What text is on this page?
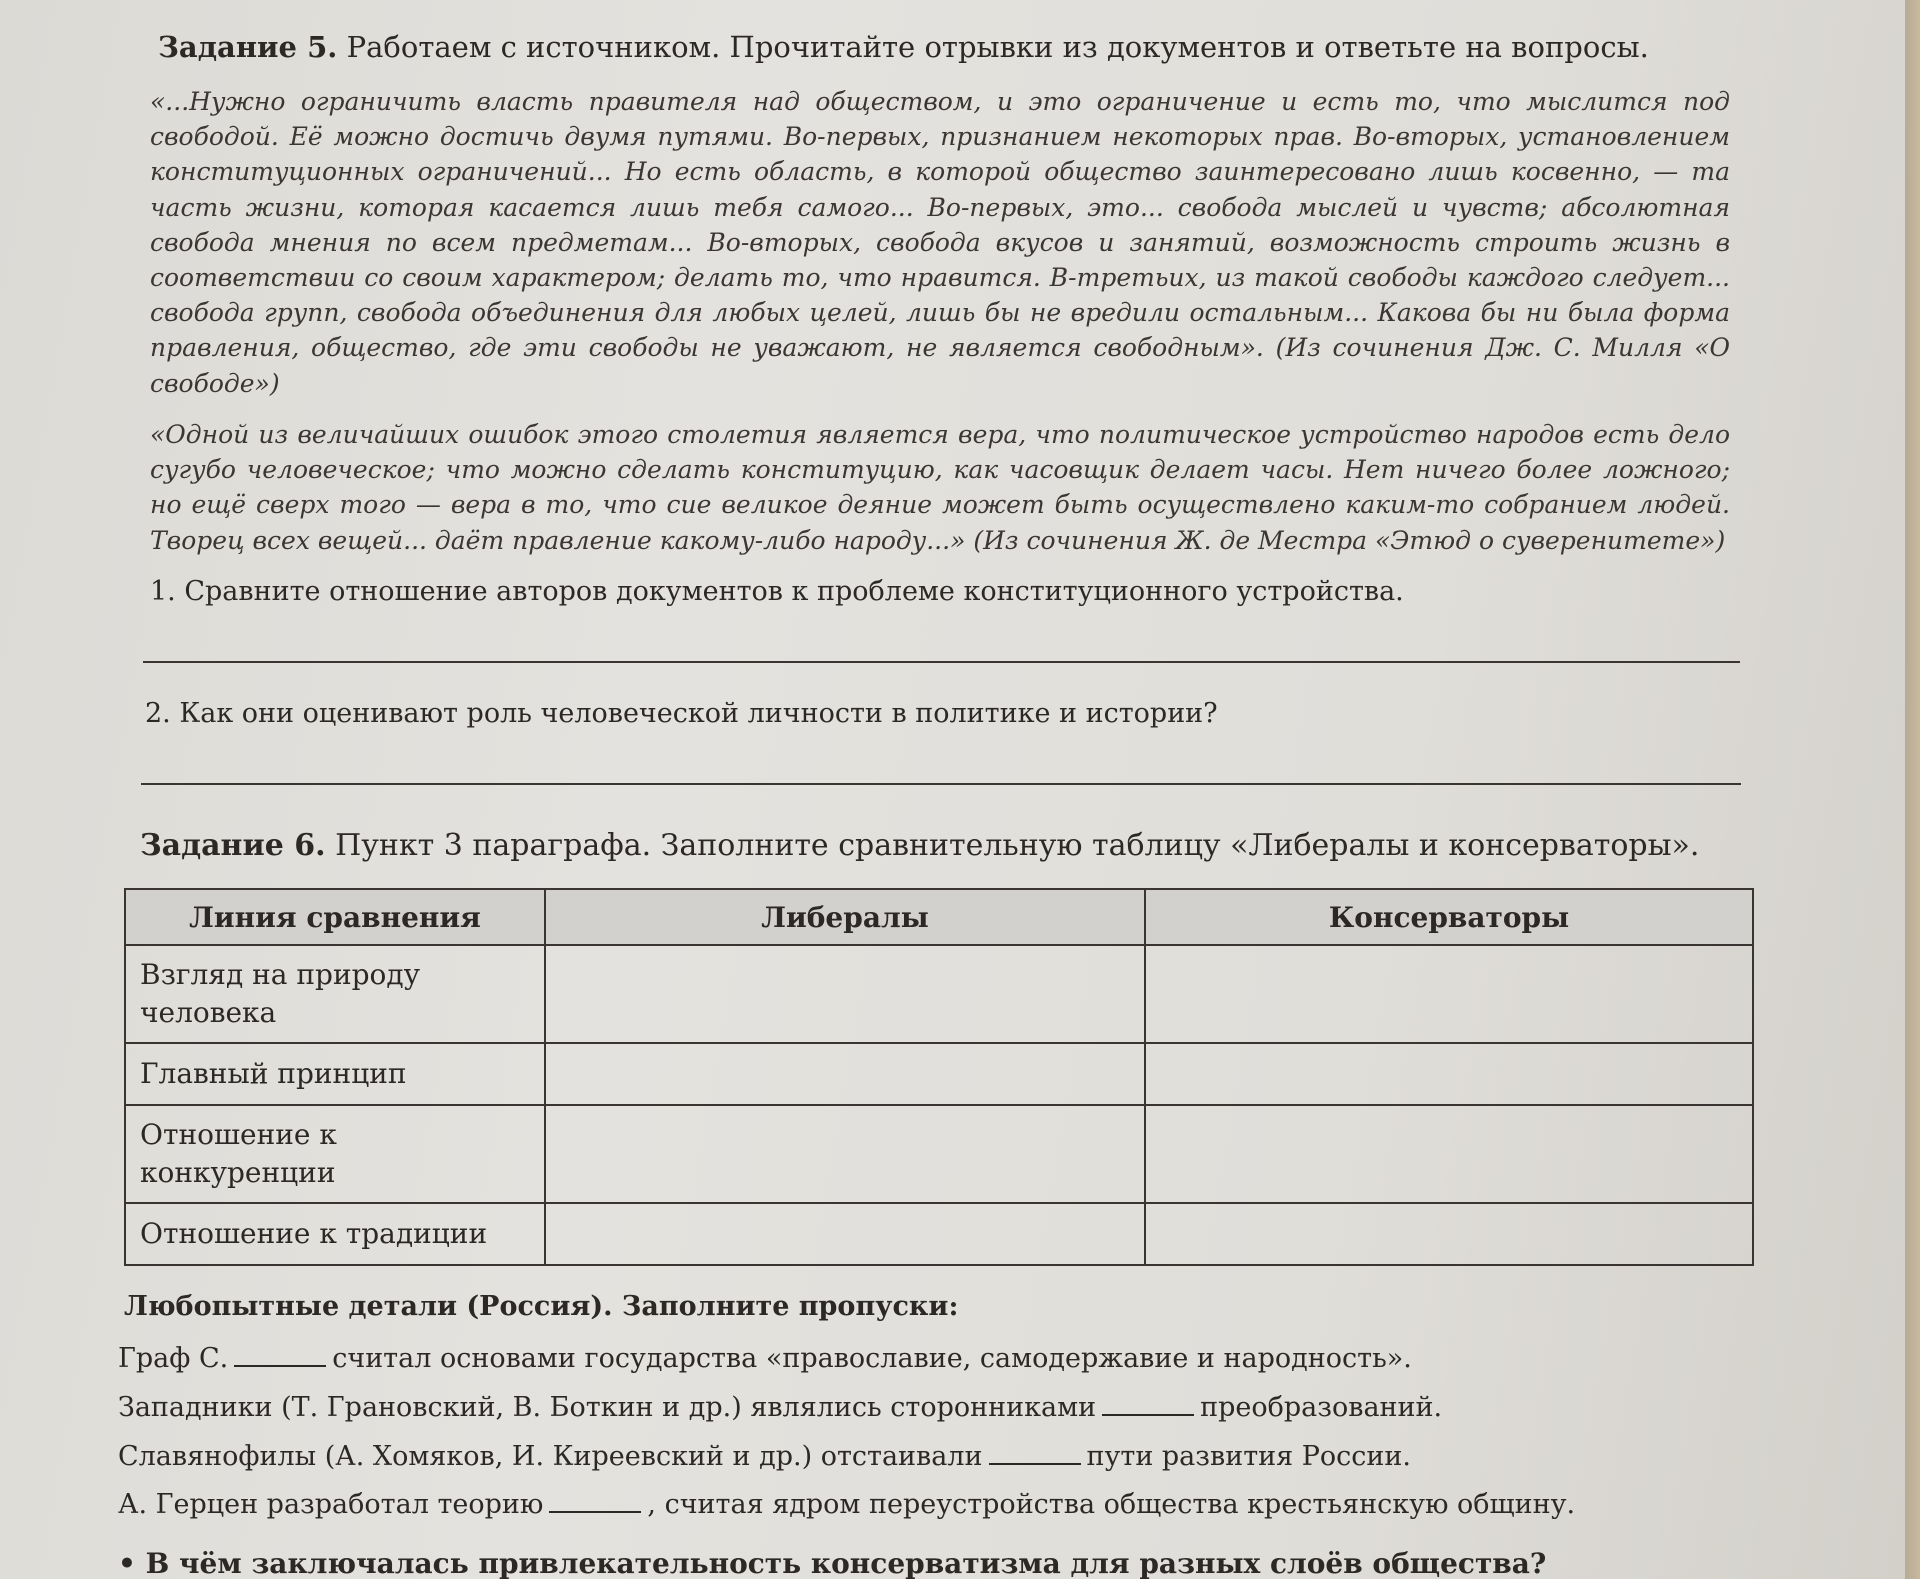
Задание 5. Работаем с источником. Прочитайте отрывки из документов и ответьте на вопросы.
«...Нужно ограничить власть правителя над обществом, и это ограничение и есть то, что мыслится под свободой. Её можно достичь двумя путями. Во-первых, признанием некоторых прав. Во-вторых, установлением конституционных ограничений... Но есть область, в которой общество заинтересовано лишь косвенно, — та часть жизни, которая касается лишь тебя самого... Во-первых, это... свобода мыслей и чувств; абсолютная свобода мнения по всем предметам... Во-вторых, свобода вкусов и занятий, возможность строить жизнь в соответствии со своим характером; делать то, что нравится. В-третьих, из такой свободы каждого следует... свобода групп, свобода объединения для любых целей, лишь бы не вредили остальным... Какова бы ни была форма правления, общество, где эти свободы не уважают, не является свободным». (Из сочинения Дж. С. Милля «О свободе»)
«Одной из величайших ошибок этого столетия является вера, что политическое устройство народов есть дело сугубо человеческое; что можно сделать конституцию, как часовщик делает часы. Нет ничего более ложного; но ещё сверх того — вера в то, что сие великое деяние может быть осуществлено каким-то собранием людей. Творец всех вещей... даёт правление какому-либо народу...» (Из сочинения Ж. де Местра «Этюд о суверенитете»)
1. Сравните отношение авторов документов к проблеме конституционного устройства.
2. Как они оценивают роль человеческой личности в политике и истории?
Задание 6. Пункт 3 параграфа. Заполните сравнительную таблицу «Либералы и консерваторы».
Линия сравнения	Либералы	Консерваторы
Взгляд на природу человека		
Главный принцип		
Отношение к конкуренции		
Отношение к традиции		
Любопытные детали (Россия). Заполните пропуски:
Граф С.	считал основами государства «православие, самодержавие и народность».
Западники (Т. Грановский, В. Боткин и др.) являлись сторонниками	преобразований.
Славянофилы (А. Хомяков, И. Киреевский и др.) отстаивали	пути развития России.
А. Герцен разработал теорию	, считая ядром переустройства общества крестьянскую общину.
• В чём заключалась привлекательность консерватизма для разных слоёв общества?
